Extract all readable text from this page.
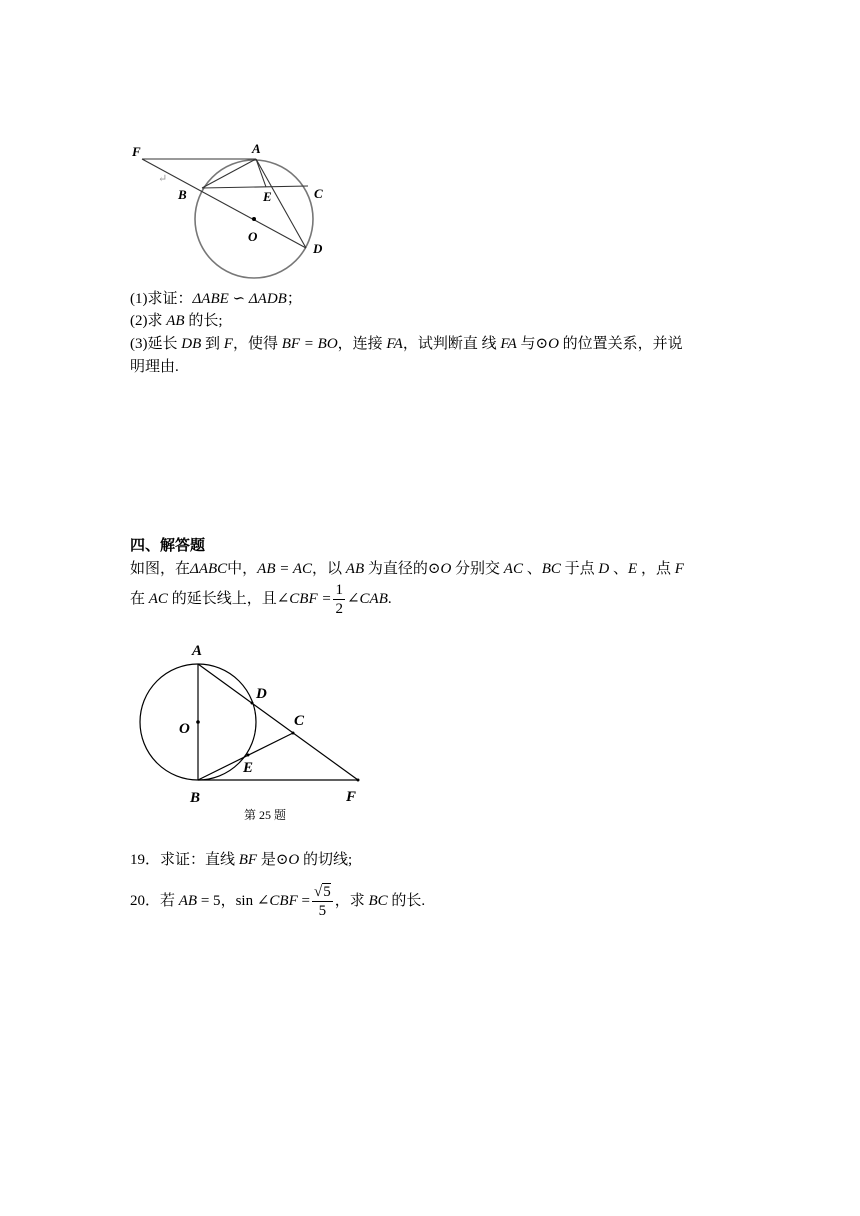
F	A
B	C
E
O
D
↵
(1)求证：ΔABE ∽ ΔADB；
(2)求 AB 的长;
(3)延长 DB 到 F，使得 BF = BO，连接 FA，试判断直 线 FA 与⊙O 的位置关系，并说
明理由.
四、解答题
如图，在ΔABC中，AB = AC，以 AB 为直径的⊙O 分别交 AC 、BC 于点 D 、E ，点 F
在 AC 的延长线上，且∠CBF = $\frac{1}{2}$ ∠CAB.
A
D
O	C
E
B	F
第 25 题
19．求证：直线 BF 是⊙O 的切线;
20．若 AB = 5，sin ∠CBF = $\frac{√5}{5}$ ，求 BC 的长.
